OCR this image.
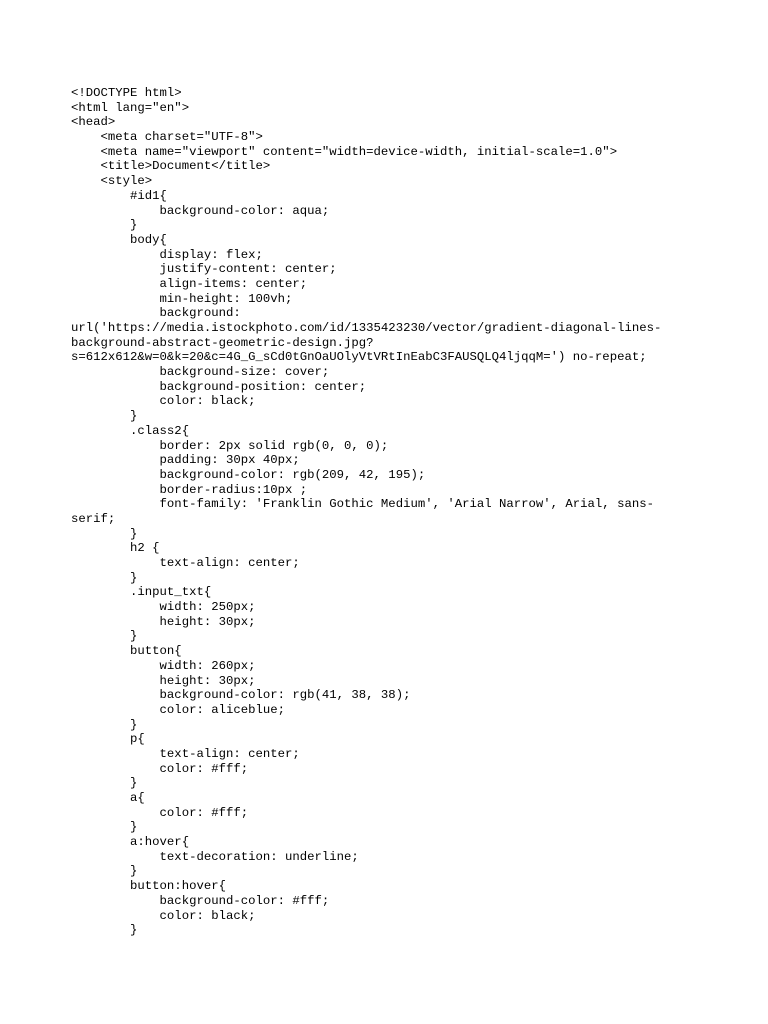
<!DOCTYPE html>
<html lang="en">
<head>
<meta charset="UTF-8">
<meta name="viewport" content="width=device-width, initial-scale=1.0">
<title>Document</title>
<style>
#id1{
background-color: aqua;
}
body{
display: flex;
justify-content: center;
align-items: center;
min-height: 100vh;
background:
url('https://media.istockphoto.com/id/1335423230/vector/gradient-diagonal-lines-
background-abstract-geometric-design.jpg?
s=612x612&w=0&k=20&c=4G_G_sCd0tGnOaUOlyVtVRtInEabC3FAUSQLQ4ljqqM=') no-repeat;
background-size: cover;
background-position: center;
color: black;
}
.class2{
border: 2px solid rgb(0, 0, 0);
padding: 30px 40px;
background-color: rgb(209, 42, 195);
border-radius:10px ;
font-family: 'Franklin Gothic Medium', 'Arial Narrow', Arial, sans-
serif;
}
h2 {
text-align: center;
}
.input_txt{
width: 250px;
height: 30px;
}
button{
width: 260px;
height: 30px;
background-color: rgb(41, 38, 38);
color: aliceblue;
}
p{
text-align: center;
color: #fff;
}
a{
color: #fff;
}
a:hover{
text-decoration: underline;
}
button:hover{
background-color: #fff;
color: black;
}
